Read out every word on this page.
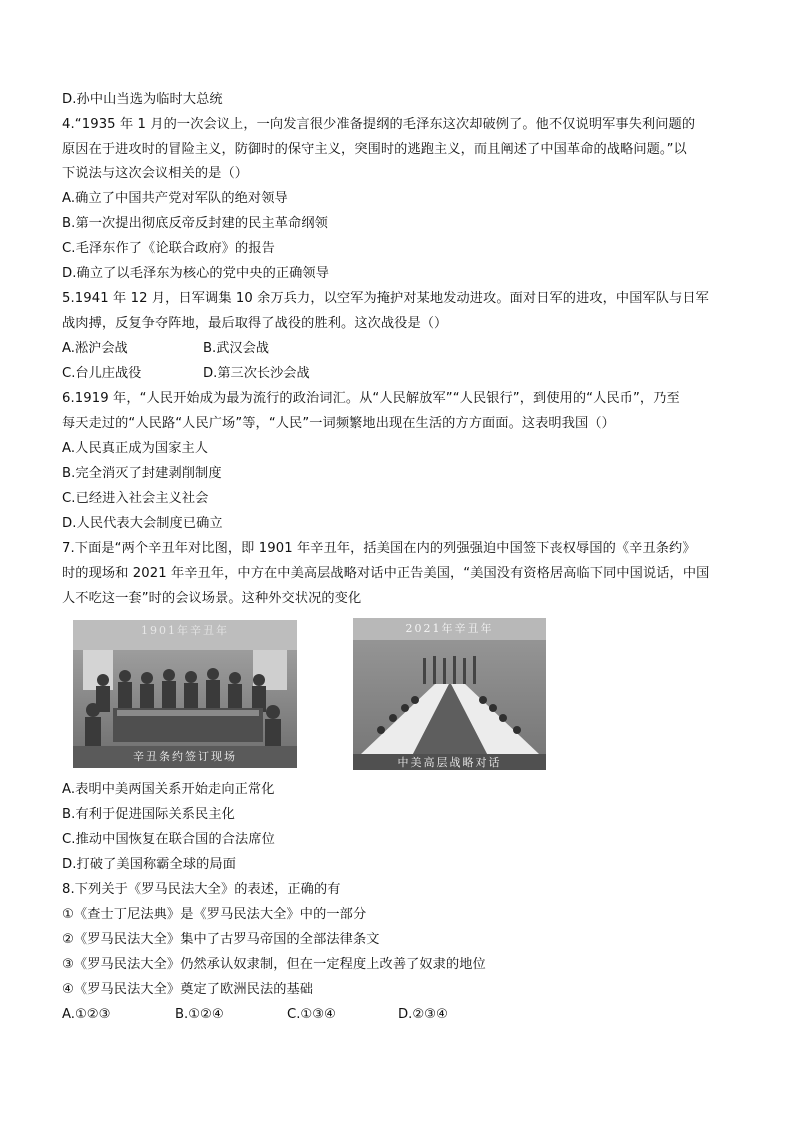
D.孙中山当选为临时大总统
4.“1935 年 1 月的一次会议上，一向发言很少准备提纲的毛泽东这次却破例了。他不仅说明军事失利问题的
原因在于进攻时的冒险主义，防御时的保守主义，突围时的逃跑主义，而且阐述了中国革命的战略问题。”以
下说法与这次会议相关的是（）
A.确立了中国共产党对军队的绝对领导
B.第一次提出彻底反帝反封建的民主革命纲领
C.毛泽东作了《论联合政府》的报告
D.确立了以毛泽东为核心的党中央的正确领导
5.1941 年 12 月，日军调集 10 余万兵力，以空军为掩护对某地发动进攻。面对日军的进攻，中国军队与日军
战肉搏，反复争夺阵地，最后取得了战役的胜利。这次战役是（）
A.淞沪会战	B.武汉会战
C.台儿庄战役	D.第三次长沙会战
6.1919 年，“人民开始成为最为流行的政治词汇。从“人民解放军”“人民银行”，到使用的“人民币”，乃至
每天走过的“人民路“人民广场”等，“人民”一词频繁地出现在生活的方方面面。这表明我国（）
A.人民真正成为国家主人
B.完全消灭了封建剥削制度
C.已经进入社会主义社会
D.人民代表大会制度已确立
7.下面是“两个辛丑年对比图，即 1901 年辛丑年，括美国在内的列强强迫中国签下丧权辱国的《辛丑条约》
时的现场和 2021 年辛丑年，中方在中美高层战略对话中正告美国，“美国没有资格居高临下同中国说话，中国
人不吃这一套”时的会议场景。这种外交状况的变化
1901年辛丑年
辛丑条约签订现场
2021年辛丑年
中美高层战略对话
A.表明中美两国关系开始走向正常化
B.有利于促进国际关系民主化
C.推动中国恢复在联合国的合法席位
D.打破了美国称霸全球的局面
8.下列关于《罗马民法大全》的表述，正确的有
①《查士丁尼法典》是《罗马民法大全》中的一部分
②《罗马民法大全》集中了古罗马帝国的全部法律条文
③《罗马民法大全》仍然承认奴隶制，但在一定程度上改善了奴隶的地位
④《罗马民法大全》奠定了欧洲民法的基础
A.①②③	B.①②④	C.①③④	D.②③④
